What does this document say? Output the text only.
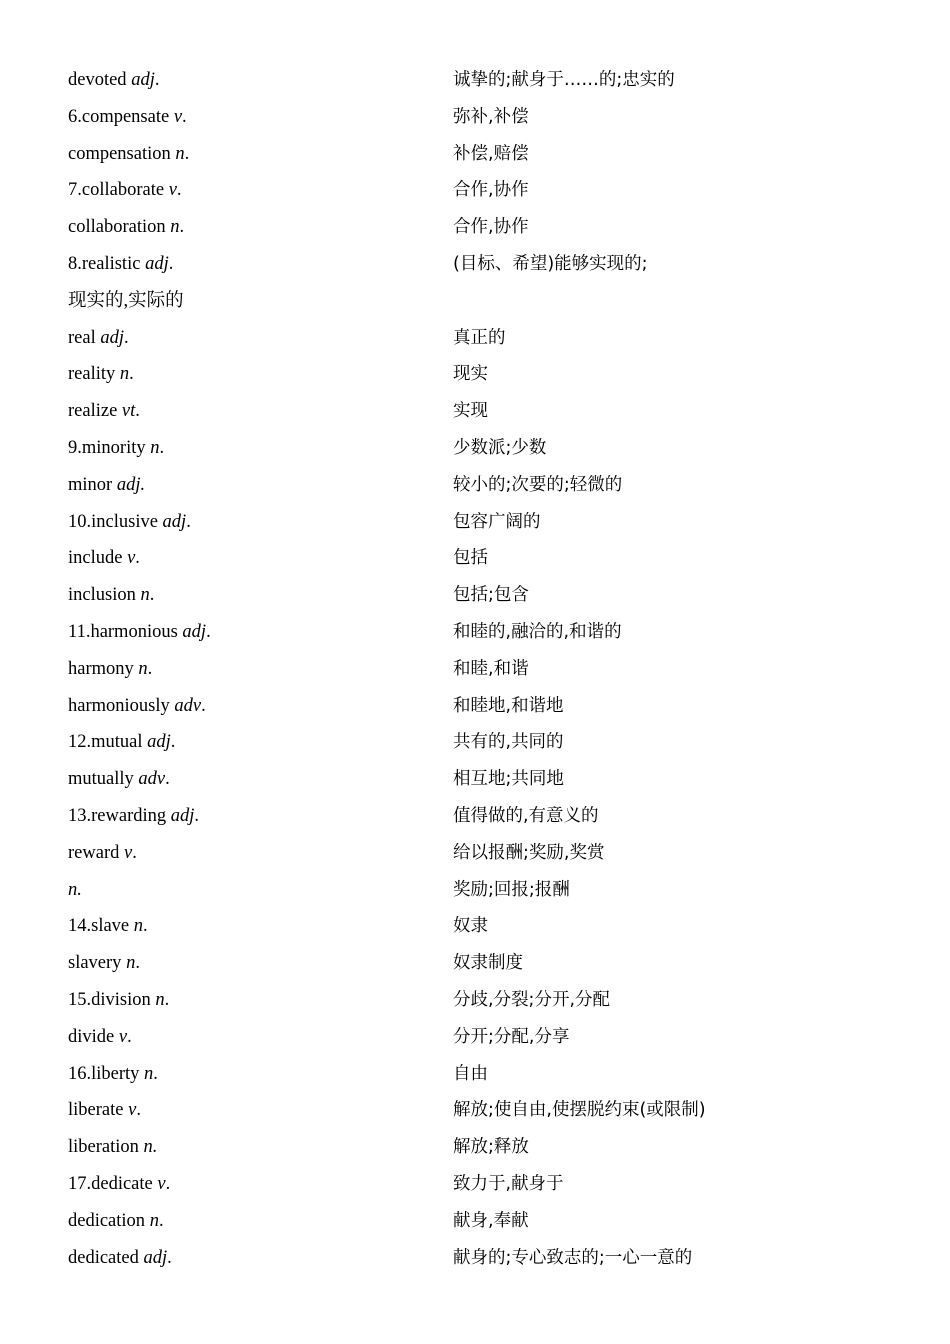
devoted adj.	诚挚的;献身于……的;忠实的
6.compensate v.	弥补,补偿
compensation n.	补偿,赔偿
7.collaborate v.	合作,协作
collaboration n.	合作,协作
8.realistic adj.	(目标、希望)能够实现的;
现实的,实际的
real adj.	真正的
reality n.	现实
realize vt.	实现
9.minority n.	少数派;少数
minor adj.	较小的;次要的;轻微的
10.inclusive adj.	包容广阔的
include v.	包括
inclusion n.	包括;包含
11.harmonious adj.	和睦的,融洽的,和谐的
harmony n.	和睦,和谐
harmoniously adv.	和睦地,和谐地
12.mutual adj.	共有的,共同的
mutually adv.	相互地;共同地
13.rewarding adj.	值得做的,有意义的
reward v.	给以报酬;奖励,奖赏
n.	奖励;回报;报酬
14.slave n.	奴隶
slavery n.	奴隶制度
15.division n.	分歧,分裂;分开,分配
divide v.	分开;分配,分享
16.liberty n.	自由
liberate v.	解放;使自由,使摆脱约束(或限制)
liberation n.	解放;释放
17.dedicate v.	致力于,献身于
dedication n.	献身,奉献
dedicated adj.	献身的;专心致志的;一心一意的
